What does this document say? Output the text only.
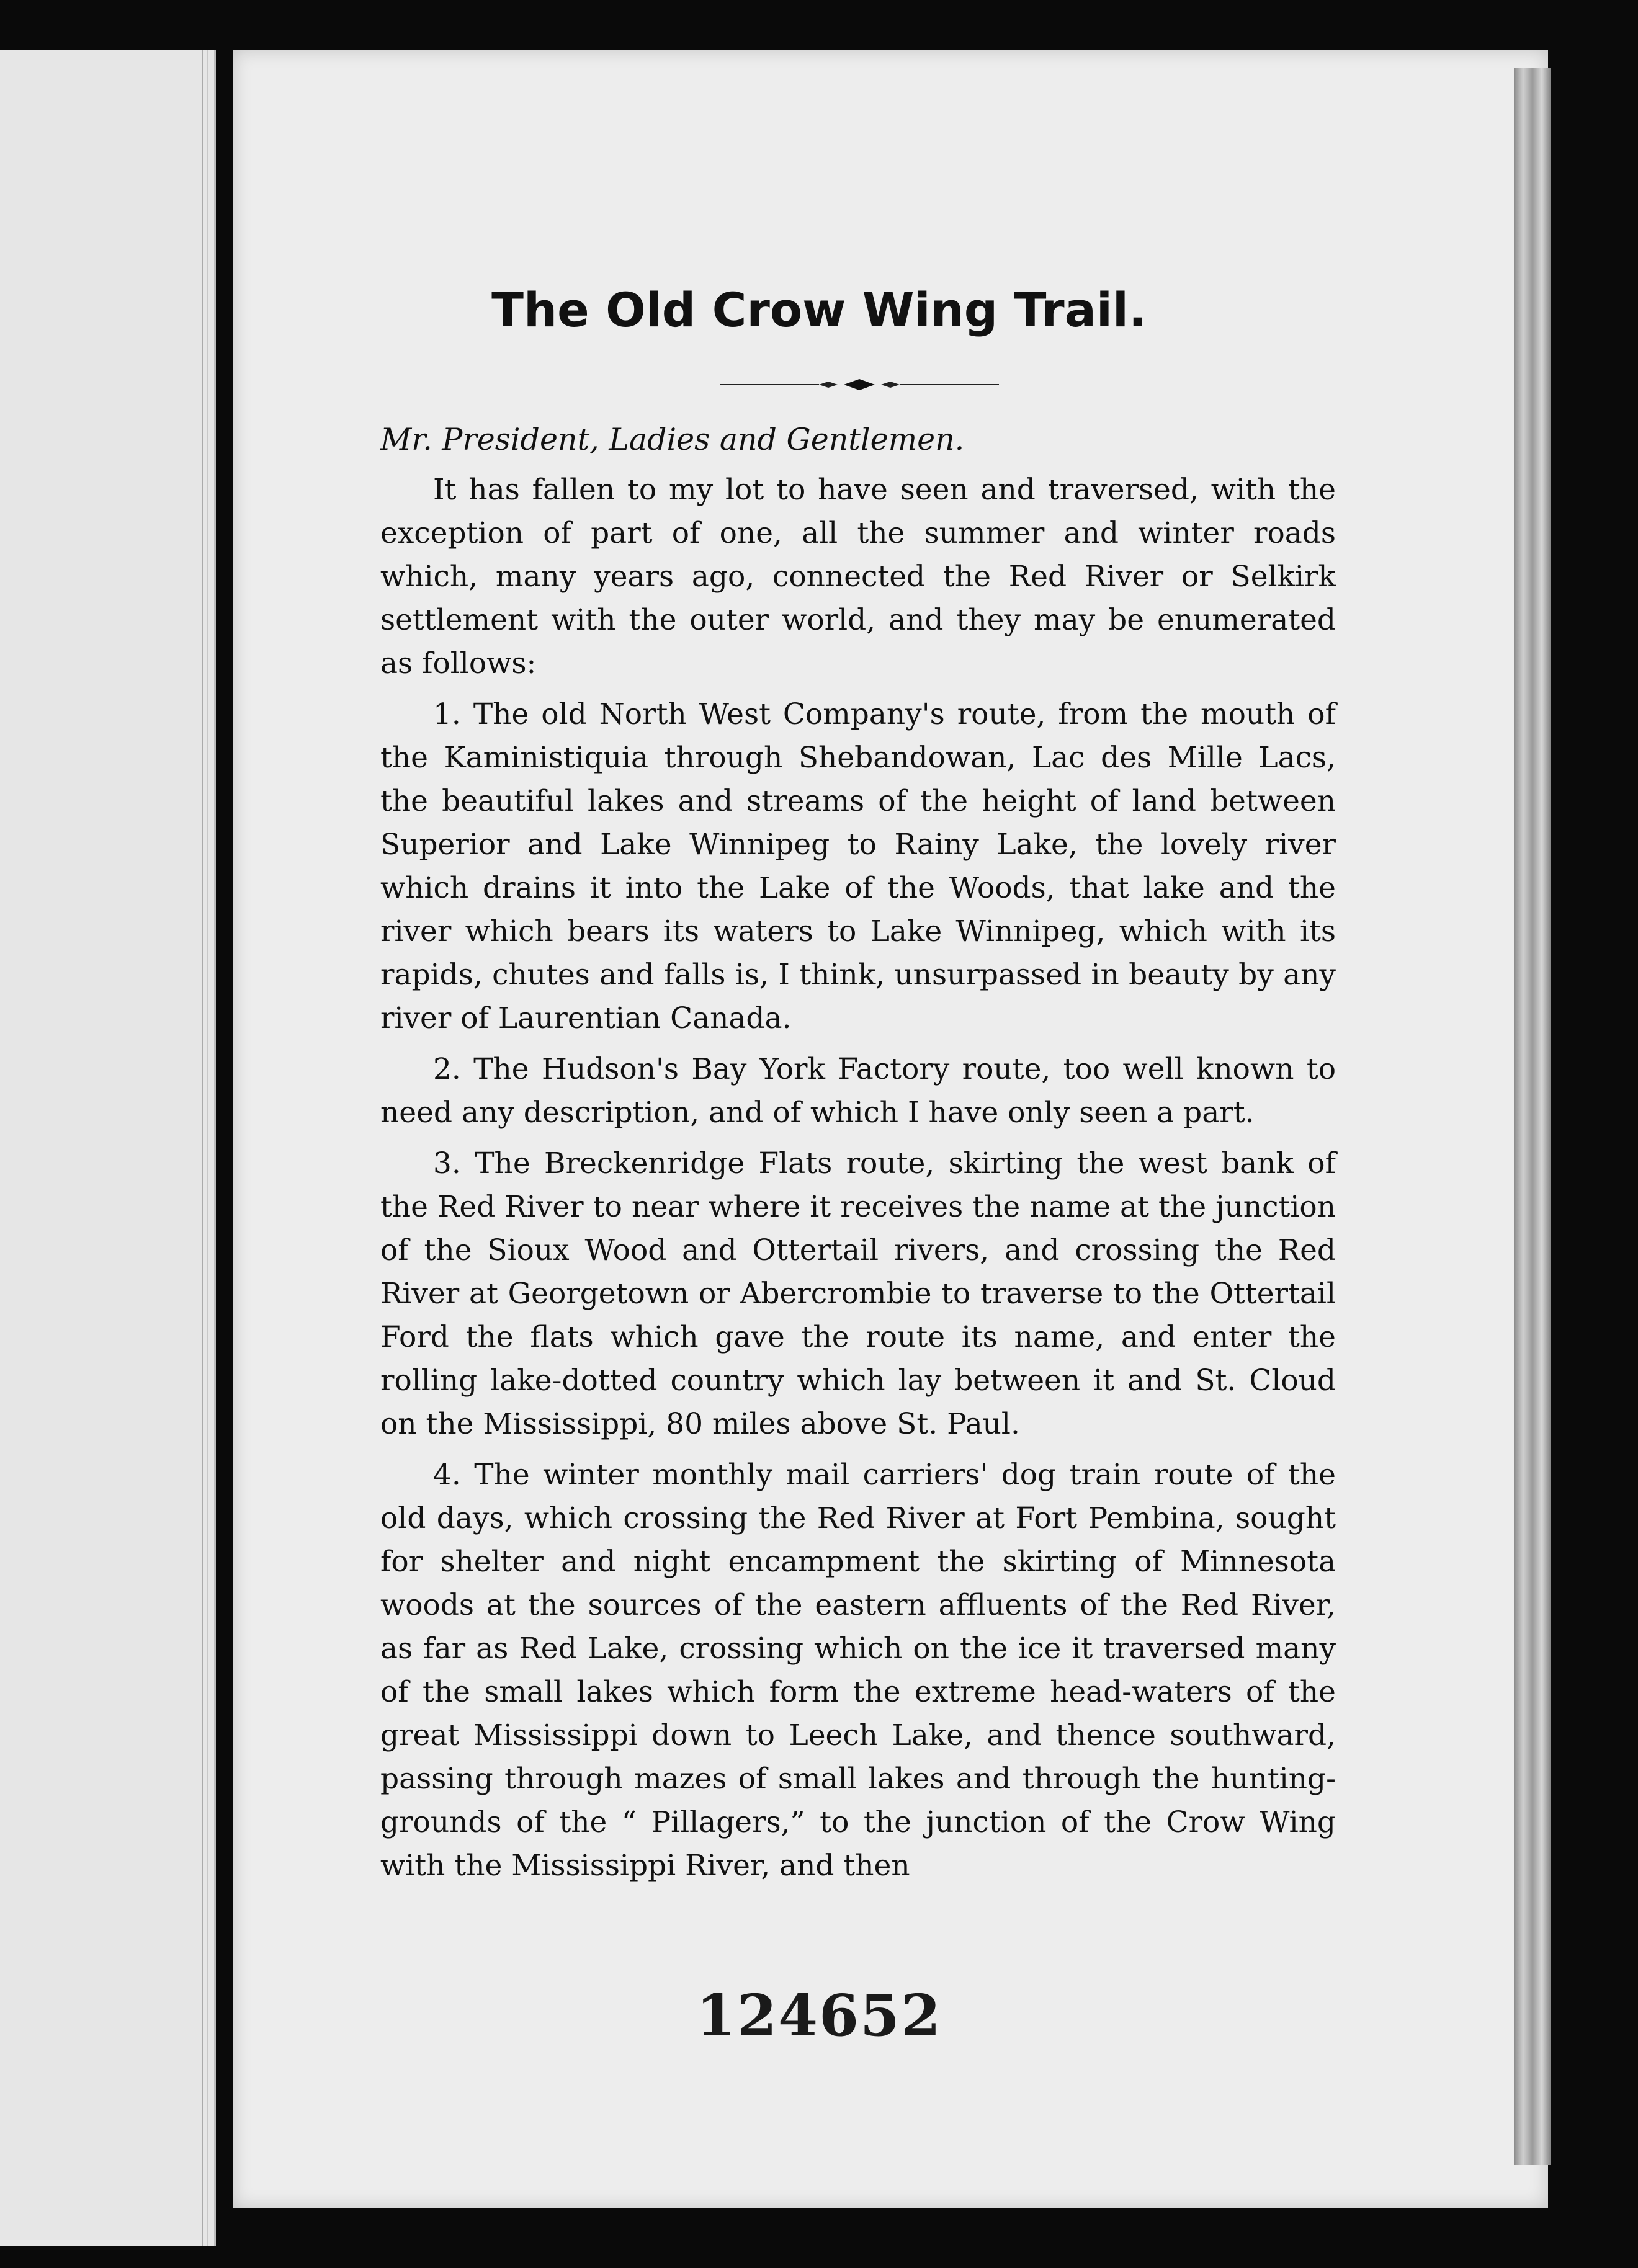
The Old Crow Wing Trail.
Mr. President, Ladies and Gentlemen.

It has fallen to my lot to have seen and traversed, with the exception of part of one, all the summer and winter roads which, many years ago, connected the Red River or Selkirk settlement with the outer world, and they may be enumerated as follows:

1. The old North West Company's route, from the mouth of the Kaministiquia through Shebandowan, Lac des Mille Lacs, the beautiful lakes and streams of the height of land between Superior and Lake Winnipeg to Rainy Lake, the lovely river which drains it into the Lake of the Woods, that lake and the river which bears its waters to Lake Winnipeg, which with its rapids, chutes and falls is, I think, unsurpassed in beauty by any river of Laurentian Canada.

2. The Hudson's Bay York Factory route, too well known to need any description, and of which I have only seen a part.

3. The Breckenridge Flats route, skirting the west bank of the Red River to near where it receives the name at the junction of the Sioux Wood and Ottertail rivers, and crossing the Red River at Georgetown or Abercrombie to traverse to the Ottertail Ford the flats which gave the route its name, and enter the rolling lake-dotted country which lay between it and St. Cloud on the Mississippi, 80 miles above St. Paul.

4. The winter monthly mail carriers' dog train route of the old days, which crossing the Red River at Fort Pembina, sought for shelter and night encampment the skirting of Minnesota woods at the sources of the eastern affluents of the Red River, as far as Red Lake, crossing which on the ice it traversed many of the small lakes which form the extreme head-waters of the great Mississippi down to Leech Lake, and thence southward, passing through mazes of small lakes and through the hunting-grounds of the “ Pillagers,” to the junction of the Crow Wing with the Mississippi River, and then

124652
